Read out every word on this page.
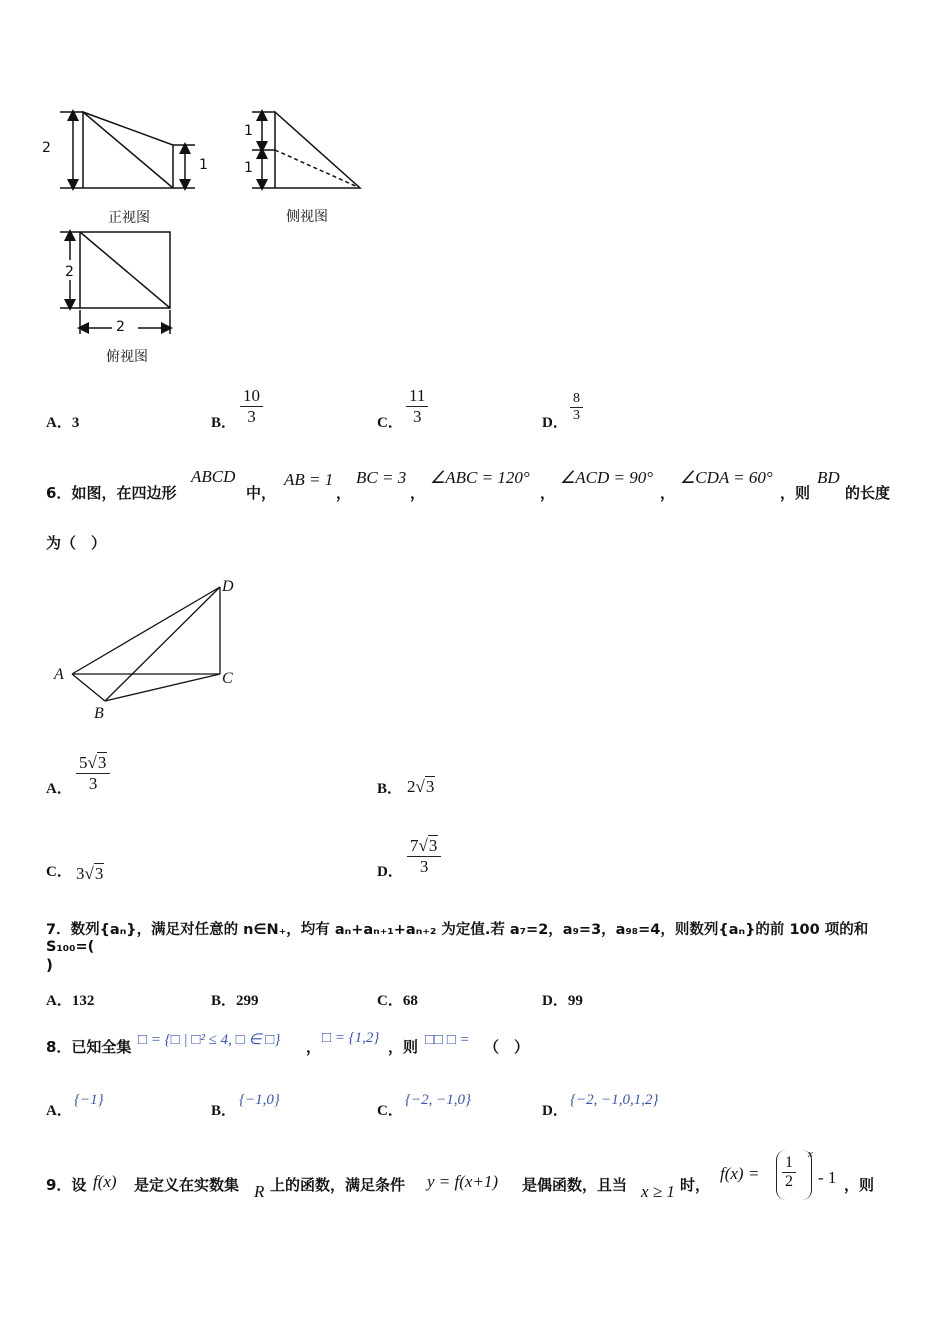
2
1
正视图
1
1
侧视图
2
2
俯视图
A．3	B． $\frac{10}{3}$	C． $\frac{11}{3}$	D． $\frac{8}{3}$
6．如图，在四边形
ABCD
中，
AB = 1
，
BC = 3
，
∠ABC = 120°
，
∠ACD = 90°
，
∠CDA = 60°
，则
BD
的长度
为（　）
D
A	C
B
A． $\frac{5√3}{3}$	B． 2√3
C． 3√3	D． $\frac{7√3}{3}$
7．数列{aₙ}，满足对任意的 n∈N₊，均有 aₙ+aₙ₊₁+aₙ₊₂ 为定值.若 a₇=2，a₉=3，a₉₈=4，则数列{aₙ}的前 100 项的和 S₁₀₀=(
)
A．132	B．299	C．68	D．99
8．已知全集 □ = {□ | □² ≤ 4, □ ∈ □} ， □ = {1,2} ，则 □□ □ = （　）
A．
{−1}
B．
{−1,0}
C．
{−2, −1,0}
D．
{−2, −1,0,1,2}
9．设 f(x) 是定义在实数集 R 上的函数，满足条件 y = f(x+1) 是偶函数，且当 x ≥ 1 时，
$f(x) = \frac{1}{2}$ x
- 1 ，则
